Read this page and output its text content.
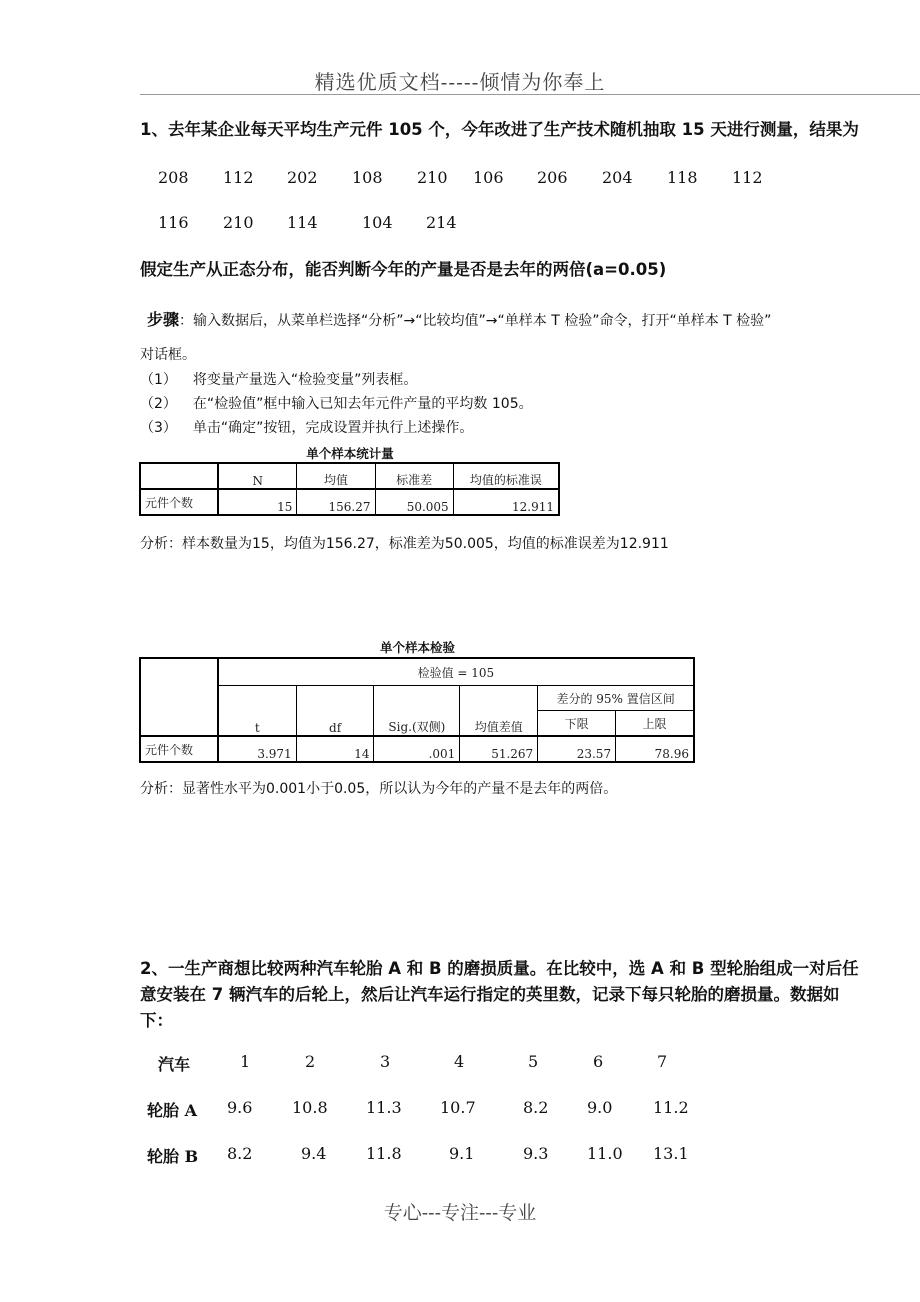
精选优质文档-----倾情为你奉上
1、去年某企业每天平均生产元件 105 个，今年改进了生产技术随机抽取 15 天进行测量，结果为
208 112 202 108 210 106 206 204 118 112
116 210 114	104 214
假定生产从正态分布，能否判断今年的产量是否是去年的两倍(a=0.05)
步骤：输入数据后，从菜单栏选择“分析”→“比较均值”→“单样本 T 检验”命令，打开“单样本 T 检验”
对话框。
（1） 将变量产量选入“检验变量”列表框。
（2） 在“检验值”框中输入已知去年元件产量的平均数 105。
（3） 单击“确定”按钮，完成设置并执行上述操作。
单个样本统计量
	N	均值	标准差	均值的标准误
元件个数	15	156.27	50.005	12.911
分析：样本数量为15，均值为156.27，标准差为50.005，均值的标准误差为12.911
单个样本检验
	检验值 = 105					
	t	df	Sig.(双侧)	均值差值	差分的 95% 置信区间	
					下限	上限
元件个数	3.971	14	.001	51.267	23.57	78.96
分析：显著性水平为0.001小于0.05，所以认为今年的产量不是去年的两倍。
2、一生产商想比较两种汽车轮胎 A 和 B 的磨损质量。在比较中，选 A 和 B 型轮胎组成一对后任
意安装在 7 辆汽车的后轮上，然后让汽车运行指定的英里数，记录下每只轮胎的磨损量。数据如
下：
汽车	1	2	3	4	5	6	7
轮胎 A 9.6 10.8 11.3 10.7	8.2 9.0	11.2
轮胎 B 8.2	9.4 11.8	9.1	9.3 11.0 13.1
专心---专注---专业
